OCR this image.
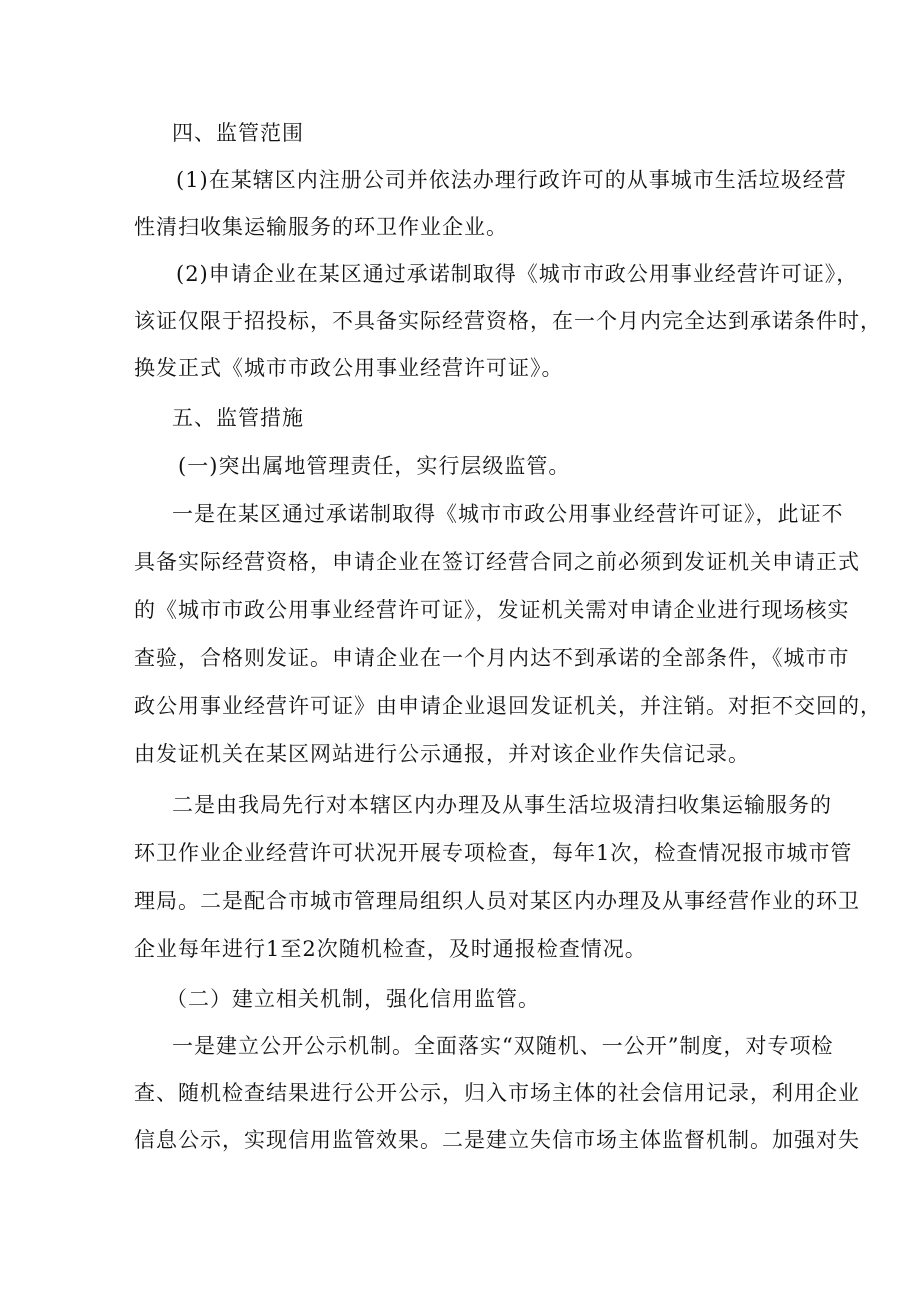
四、监管范围
(1)在某辖区内注册公司并依法办理行政许可的从事城市生活垃圾经营
性清扫收集运输服务的环卫作业企业。
(2)申请企业在某区通过承诺制取得《城市市政公用事业经营许可证》，
该证仅限于招投标，不具备实际经营资格，在一个月内完全达到承诺条件时，
换发正式《城市市政公用事业经营许可证》。
五、监管措施
(一)突出属地管理责任，实行层级监管。
一是在某区通过承诺制取得《城市市政公用事业经营许可证》，此证不
具备实际经营资格，申请企业在签订经营合同之前必须到发证机关申请正式
的《城市市政公用事业经营许可证》，发证机关需对申请企业进行现场核实
查验，合格则发证。申请企业在一个月内达不到承诺的全部条件，《城市市
政公用事业经营许可证》由申请企业退回发证机关，并注销。对拒不交回的，
由发证机关在某区网站进行公示通报，并对该企业作失信记录。
二是由我局先行对本辖区内办理及从事生活垃圾清扫收集运输服务的
环卫作业企业经营许可状况开展专项检查，每年1次，检查情况报市城市管
理局。二是配合市城市管理局组织人员对某区内办理及从事经营作业的环卫
企业每年进行1至2次随机检查，及时通报检查情况。
（二）建立相关机制，强化信用监管。
一是建立公开公示机制。全面落实“双随机、一公开”制度，对专项检
查、随机检查结果进行公开公示，归入市场主体的社会信用记录，利用企业
信息公示，实现信用监管效果。二是建立失信市场主体监督机制。加强对失
